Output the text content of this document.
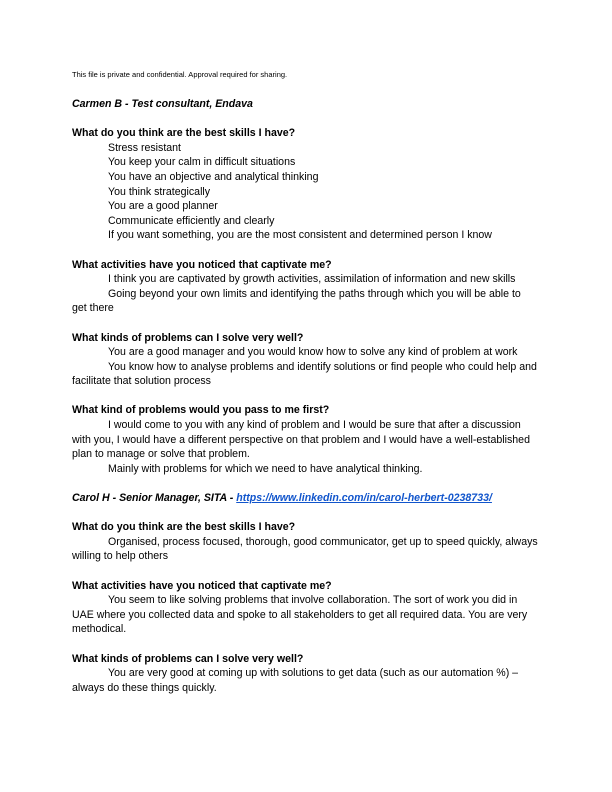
This file is private and confidential. Approval required for sharing.

Carmen B - Test consultant, Endava

What do you think are the best skills I have?

Stress resistant

You keep your calm in difficult situations

You have an objective and analytical thinking

You think strategically

You are a good planner

Communicate efficiently and clearly

If you want something, you are the most consistent and determined person I know

What activities have you noticed that captivate me?

I think you are captivated by growth activities, assimilation of information and new skills

Going beyond your own limits and identifying the paths through which you will be able to get there

What kinds of problems can I solve very well?

You are a good manager and you would know how to solve any kind of problem at work

You know how to analyse problems and identify solutions or find people who could help and facilitate that solution process

What kind of problems would you pass to me first?

I would come to you with any kind of problem and I would be sure that after a discussion with you, I would have a different perspective on that problem and I would have a well-established plan to manage or solve that problem.

Mainly with problems for which we need to have analytical thinking.

Carol H - Senior Manager, SITA - https://www.linkedin.com/in/carol-herbert-0238733/

What do you think are the best skills I have?

Organised, process focused, thorough, good communicator, get up to speed quickly, always willing to help others

What activities have you noticed that captivate me?

You seem to like solving problems that involve collaboration. The sort of work you did in UAE where you collected data and spoke to all stakeholders to get all required data. You are very methodical.

What kinds of problems can I solve very well?

You are very good at coming up with solutions to get data (such as our automation %) – always do these things quickly.
